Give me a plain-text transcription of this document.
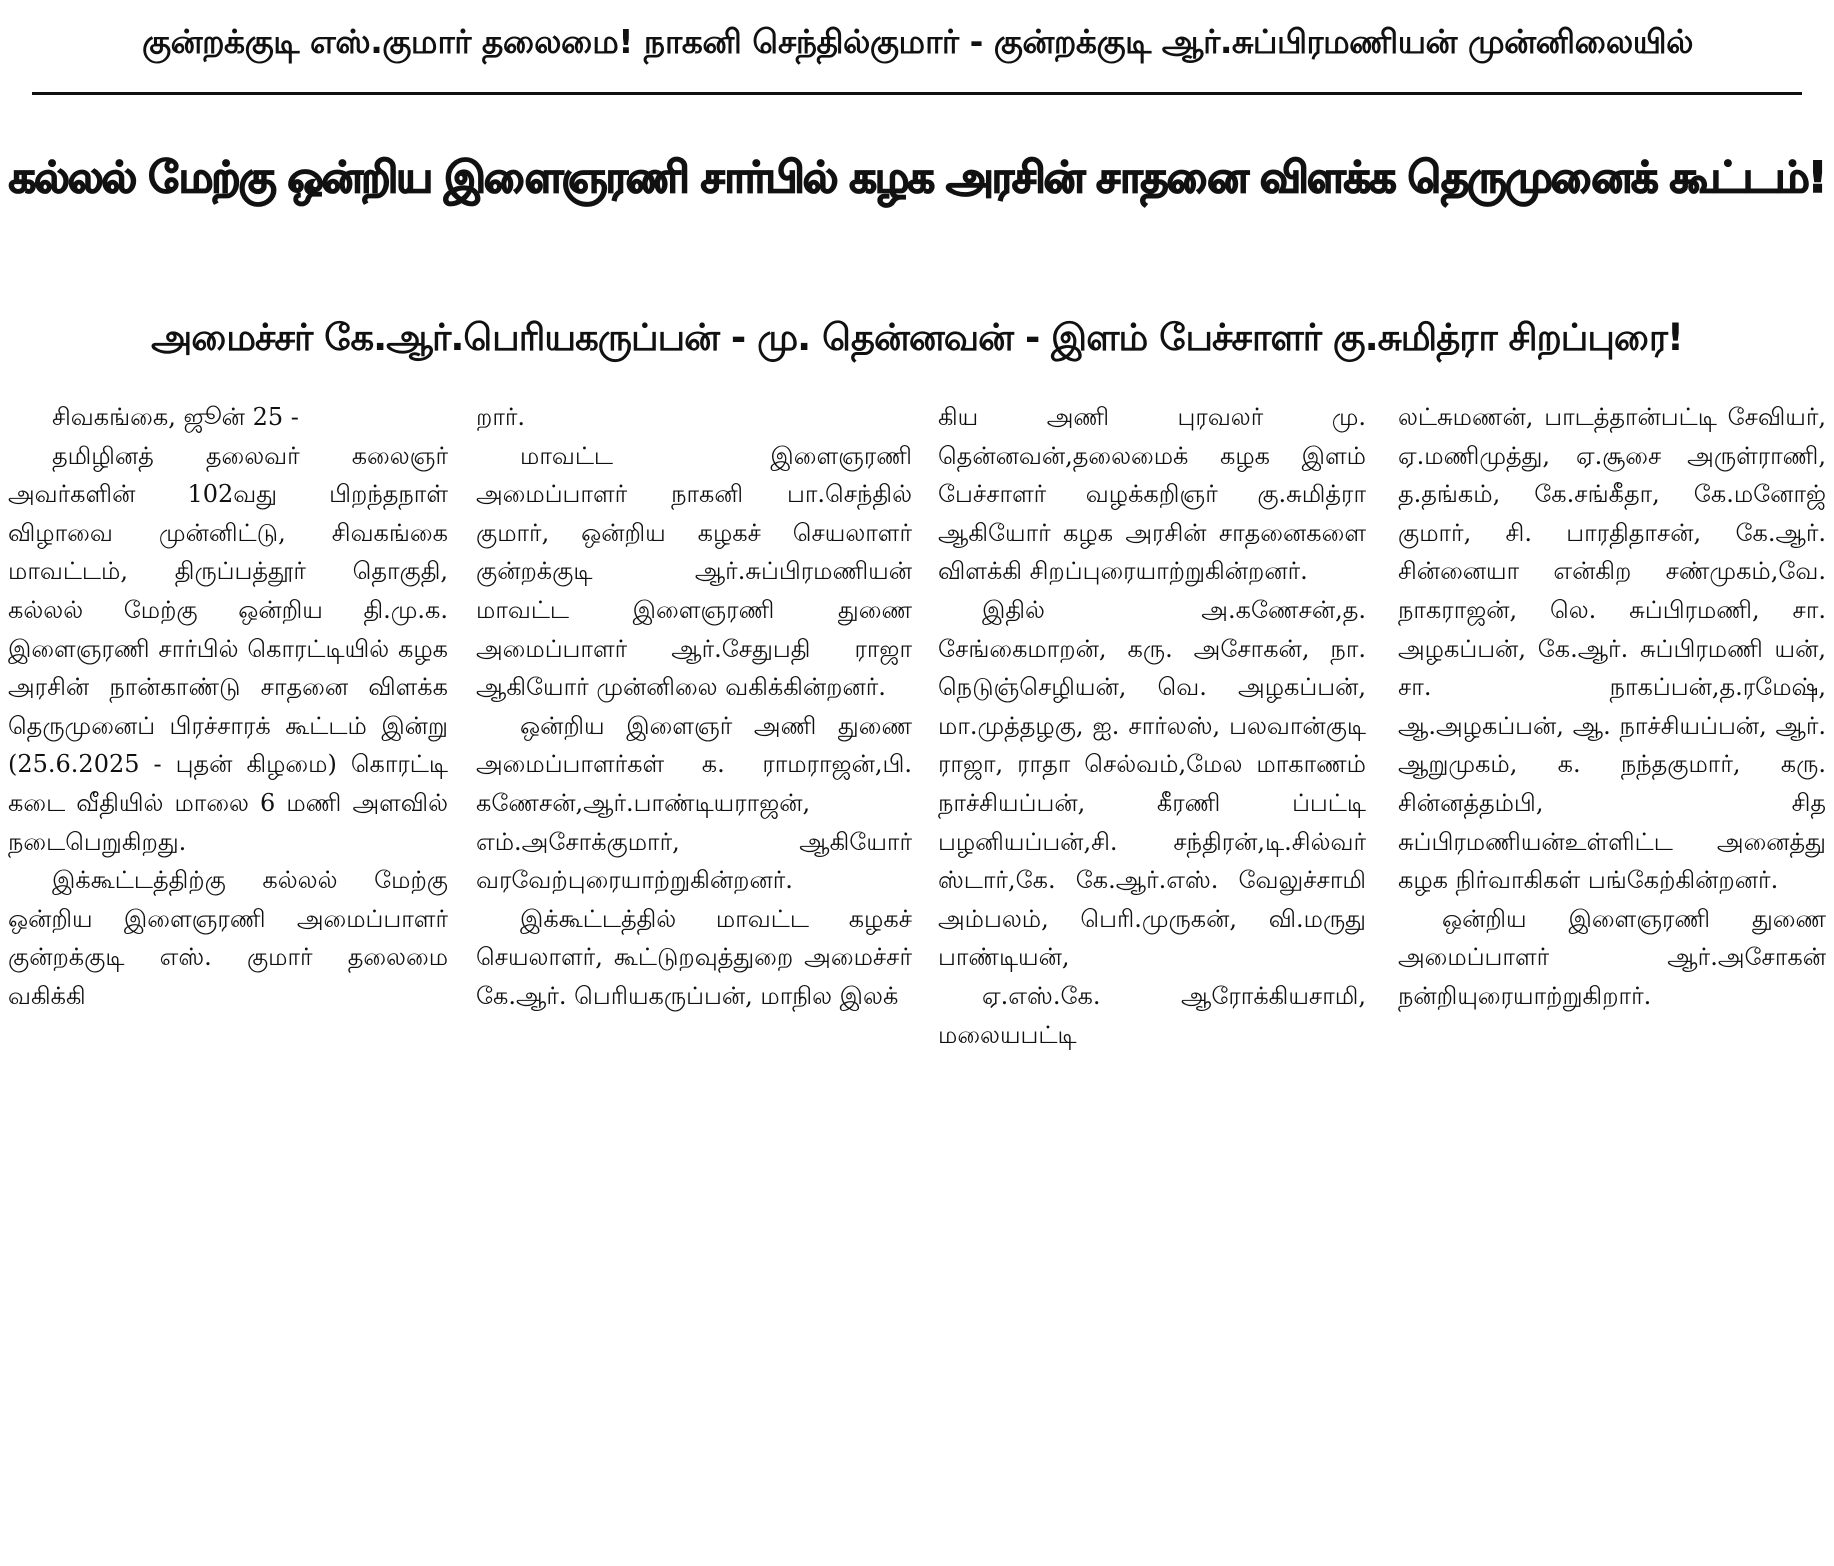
குன்றக்குடி எஸ்.குமார் தலைமை! நாகனி செந்தில்குமார் - குன்றக்குடி ஆர்.சுப்பிரமணியன் முன்னிலையில்
கல்லல் மேற்கு ஒன்றிய இளைஞரணி சார்பில் கழக அரசின் சாதனை விளக்க தெருமுனைக் கூட்டம்!
அமைச்சர் கே.ஆர்.பெரியகருப்பன் - மு. தென்னவன் - இளம் பேச்சாளர் கு.சுமித்ரா சிறப்புரை!

சிவகங்கை, ஜூன் 25 -

தமிழினத் தலைவர் கலைஞர் அவர்களின் 102வது பிறந்தநாள் விழாவை முன்னிட்டு, சிவகங்கை மாவட்டம், திருப்பத்தூர் தொகுதி, கல்லல் மேற்கு ஒன்றிய தி.மு.க. இளைஞரணி சார்பில் கொரட்டியில் கழக அரசின் நான்காண்டு சாதனை விளக்க தெருமுனைப் பிரச்சாரக் கூட்டம் இன்று (25.6.2025 - புதன் கிழமை) கொரட்டி கடை வீதியில் மாலை 6 மணி அளவில் நடைபெறுகிறது.

இக்கூட்டத்திற்கு கல்லல் மேற்கு ஒன்றிய இளைஞரணி அமைப்பாளர் குன்றக்குடி எஸ். குமார் தலைமை வகிக்கி

றார்.

மாவட்ட இளைஞரணி அமைப்பாளர் நாகனி பா.செந்தில் குமார், ஒன்றிய கழகச் செயலாளர் குன்றக்குடி ஆர்.சுப்பிரமணியன் மாவட்ட இளைஞரணி துணை அமைப்பாளர் ஆர்.சேதுபதி ராஜா ஆகியோர் முன்னிலை வகிக்கின்றனர்.

ஒன்றிய இளைஞர் அணி துணை அமைப்பாளர்கள் க. ராமராஜன்,பி. கணேசன்,ஆர்.பாண்டியராஜன், எம்.அசோக்குமார், ஆகியோர் வரவேற்புரையாற்றுகின்றனர்.

இக்கூட்டத்தில் மாவட்ட கழகச் செயலாளர், கூட்டுறவுத்துறை அமைச்சர் கே.ஆர். பெரியகருப்பன், மாநில இலக்

கிய அணி புரவலர் மு. தென்னவன்,தலைமைக் கழக இளம் பேச்சாளர் வழக்கறிஞர் கு.சுமித்ரா ஆகியோர் கழக அரசின் சாதனைகளை விளக்கி சிறப்புரையாற்றுகின்றனர்.

இதில் அ.கணேசன்,த. சேங்கைமாறன், கரு. அசோகன், நா. நெடுஞ்செழியன், வெ. அழகப்பன், மா.முத்தழகு, ஐ. சார்லஸ், பலவான்குடி ராஜா, ராதா செல்வம்,மேல மாகாணம் நாச்சியப்பன், கீரணி ப்பட்டி பழனியப்பன்,சி. சந்திரன்,டி.சில்வர் ஸ்டார்,கே. கே.ஆர்.எஸ். வேலுச்சாமி அம்பலம், பெரி.முருகன், வி.மருது பாண்டியன்,

ஏ.எஸ்.கே. ஆரோக்கியசாமி, மலையபட்டி

லட்சுமணன், பாடத்தான்பட்டி சேவியர், ஏ.மணிமுத்து, ஏ.சூசை அருள்ராணி, த.தங்கம், கே.சங்கீதா, கே.மனோஜ் குமார், சி. பாரதிதாசன், கே.ஆர். சின்னையா என்கிற சண்முகம்,வே. நாகராஜன், லெ. சுப்பிரமணி, சா. அழகப்பன், கே.ஆர். சுப்பிரமணி யன், சா. நாகப்பன்,த.ரமேஷ், ஆ.அழகப்பன், ஆ. நாச்சியப்பன், ஆர். ஆறுமுகம், க. நந்தகுமார், கரு. சின்னத்தம்பி, சித சுப்பிரமணியன்உள்ளிட்ட அனைத்து கழக நிர்வாகிகள் பங்கேற்கின்றனர்.

ஒன்றிய இளைஞரணி துணை அமைப்பாளர் ஆர்.அசோகன் நன்றியுரையாற்றுகிறார்.
